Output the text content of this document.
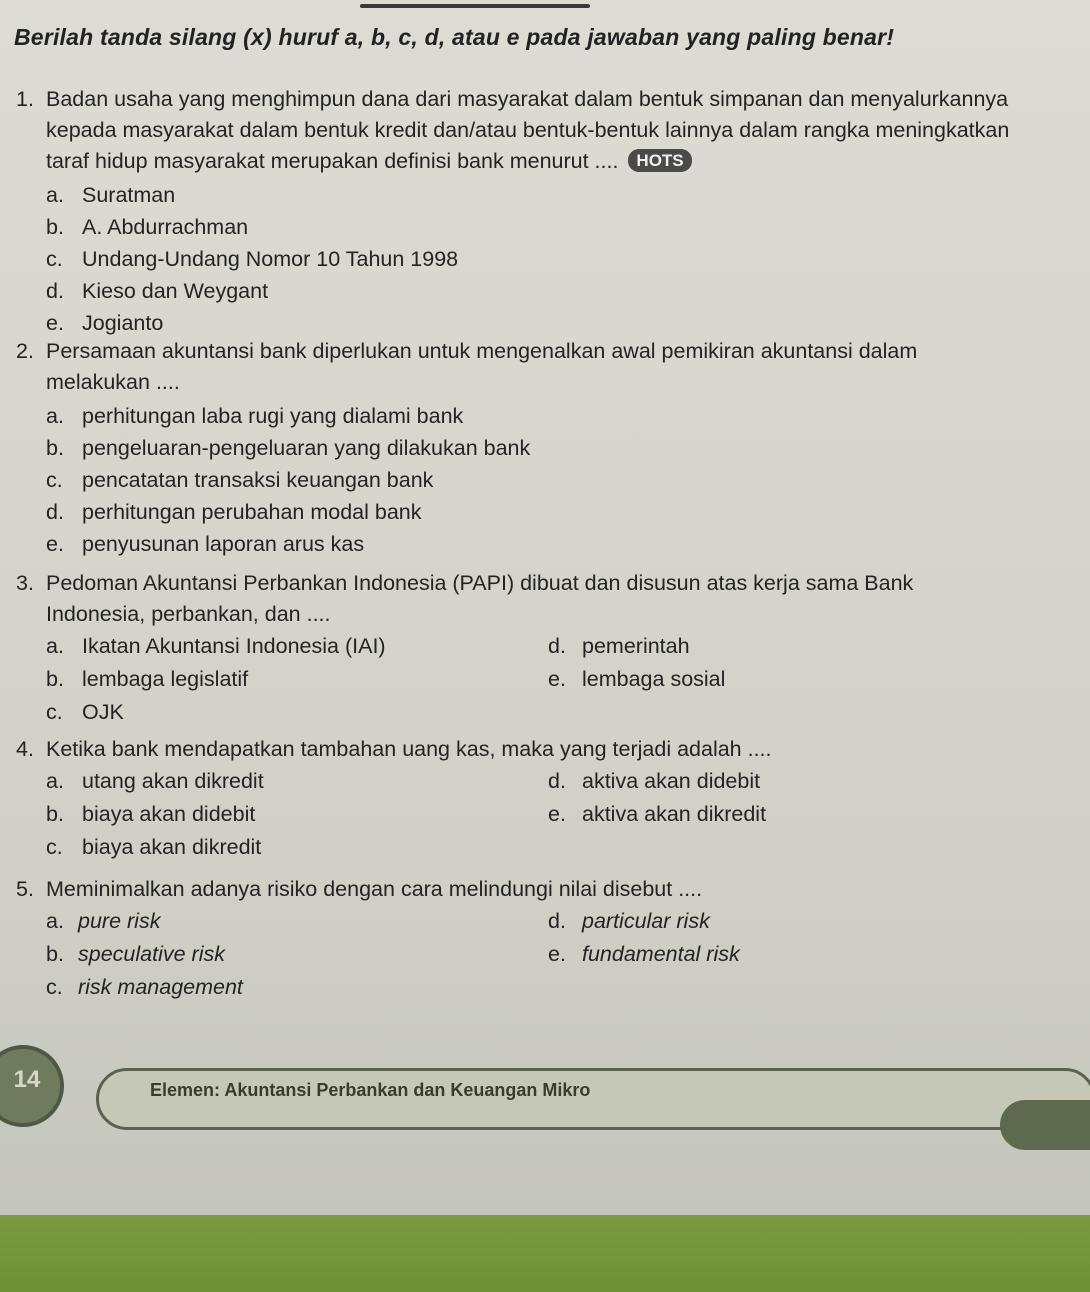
Berilah tanda silang (x) huruf a, b, c, d, atau e pada jawaban yang paling benar!
1. Badan usaha yang menghimpun dana dari masyarakat dalam bentuk simpanan dan menyalurkannya
kepada masyarakat dalam bentuk kredit dan/atau bentuk-bentuk lainnya dalam rangka meningkatkan
taraf hidup masyarakat merupakan definisi bank menurut .... HOTS
a. Suratman
b. A. Abdurrachman
c. Undang-Undang Nomor 10 Tahun 1998
d. Kieso dan Weygant
e. Jogianto
2. Persamaan akuntansi bank diperlukan untuk mengenalkan awal pemikiran akuntansi dalam
melakukan ....
a. perhitungan laba rugi yang dialami bank
b. pengeluaran-pengeluaran yang dilakukan bank
c. pencatatan transaksi keuangan bank
d. perhitungan perubahan modal bank
e. penyusunan laporan arus kas
3. Pedoman Akuntansi Perbankan Indonesia (PAPI) dibuat dan disusun atas kerja sama Bank
Indonesia, perbankan, dan ....
a. Ikatan Akuntansi Indonesia (IAI)	d. pemerintah
b. lembaga legislatif	e. lembaga sosial
c. OJK
4. Ketika bank mendapatkan tambahan uang kas, maka yang terjadi adalah ....
a. utang akan dikredit	d. aktiva akan didebit
b. biaya akan didebit	e. aktiva akan dikredit
c. biaya akan dikredit
5. Meminimalkan adanya risiko dengan cara melindungi nilai disebut ....
a. pure risk	d. particular risk
b. speculative risk	e. fundamental risk
c. risk management
Elemen: Akuntansi Perbankan dan Keuangan Mikro
14
